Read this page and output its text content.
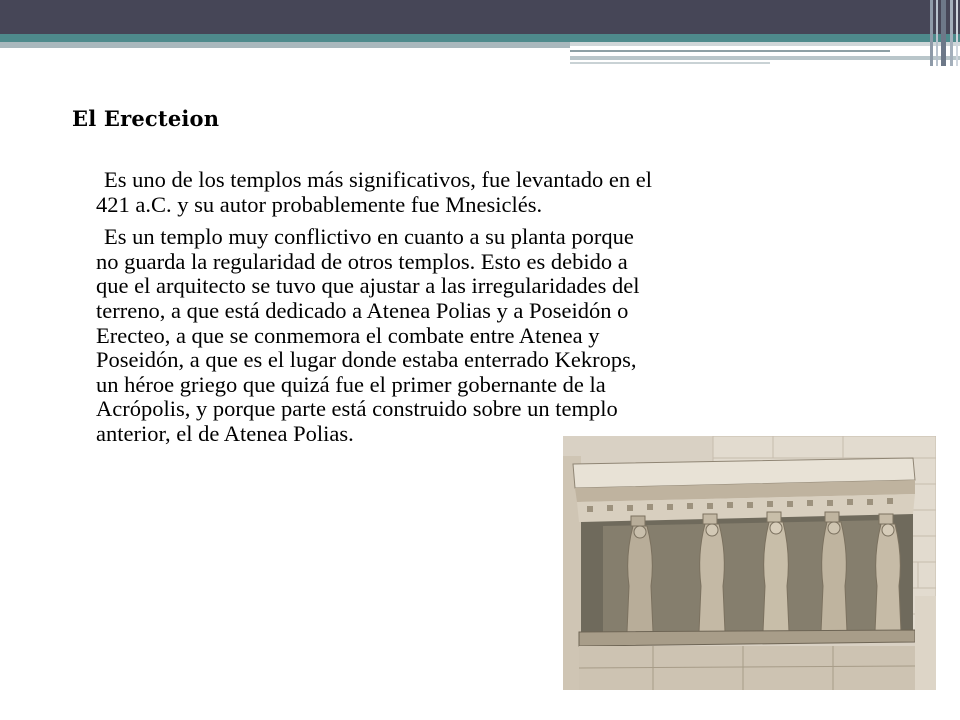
El Erecteion

Es uno de los templos más significativos, fue levantado en el 421 a.C. y su autor probablemente fue Mnesiclés.

Es un templo muy conflictivo en cuanto a su planta porque no guarda la regularidad de otros templos. Esto es debido a que el arquitecto se tuvo que ajustar a las irregularidades del terreno, a que está dedicado a Atenea Polias y a Poseidón o Erecteo, a que se conmemora el combate entre Atenea y Poseidón, a que es el lugar donde estaba enterrado Kekrops, un héroe griego que quizá fue el primer gobernante de la Acrópolis, y porque parte está construido sobre un templo anterior, el de Atenea Polias.
